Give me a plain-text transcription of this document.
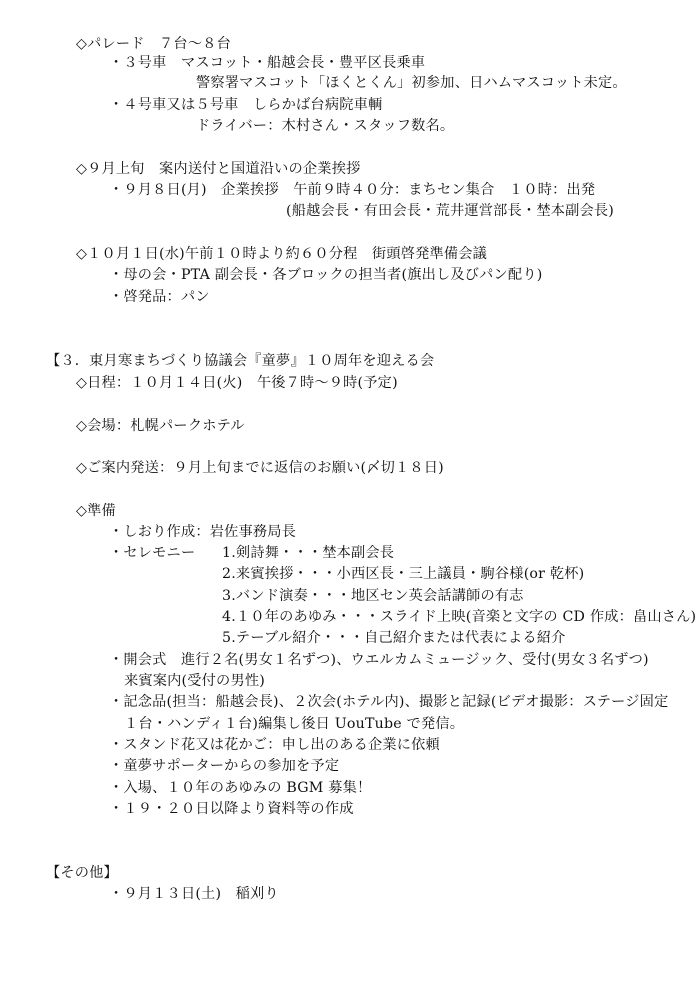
◇パレード　７台～８台
・３号車　マスコット・船越会長・豊平区長乗車
警察署マスコット「ほくとくん」初参加、日ハムマスコット未定。
・４号車又は５号車　しらかば台病院車輌
ドライバー：木村さん・スタッフ数名。
◇９月上旬　案内送付と国道沿いの企業挨拶
・９月８日(月)　企業挨拶　午前９時４０分：まちセン集合　１０時：出発
(船越会長・有田会長・荒井運営部長・埜本副会長)
◇１０月１日(水)午前１０時より約６０分程　街頭啓発準備会議
・母の会・PTA 副会長・各ブロックの担当者(旗出し及びパン配り)
・啓発品：パン
【３．東月寒まちづくり協議会『童夢』１０周年を迎える会
◇日程：１０月１４日(火)　午後７時～９時(予定)
◇会場：札幌パークホテル
◇ご案内発送：９月上旬までに返信のお願い(〆切１８日)
◇準備
・しおり作成：岩佐事務局長
・セレモニー 1.剣詩舞・・・埜本副会長
2.来賓挨拶・・・小西区長・三上議員・駒谷様(or 乾杯)
3.バンド演奏・・・地区セン英会話講師の有志
4.１０年のあゆみ・・・スライド上映(音楽と文字の CD 作成：畠山さん)
5.テーブル紹介・・・自己紹介または代表による紹介
・開会式　進行２名(男女１名ずつ)、ウエルカムミュージック、受付(男女３名ずつ)
来賓案内(受付の男性)
・記念品(担当：船越会長)、２次会(ホテル内)、撮影と記録(ビデオ撮影：ステージ固定
１台・ハンディ１台)編集し後日 UouTube で発信。
・スタンド花又は花かご：申し出のある企業に依頼
・童夢サポーターからの参加を予定
・入場、１０年のあゆみの BGM 募集！
・１９・２０日以降より資料等の作成
【その他】
・９月１３日(土)　稲刈り
